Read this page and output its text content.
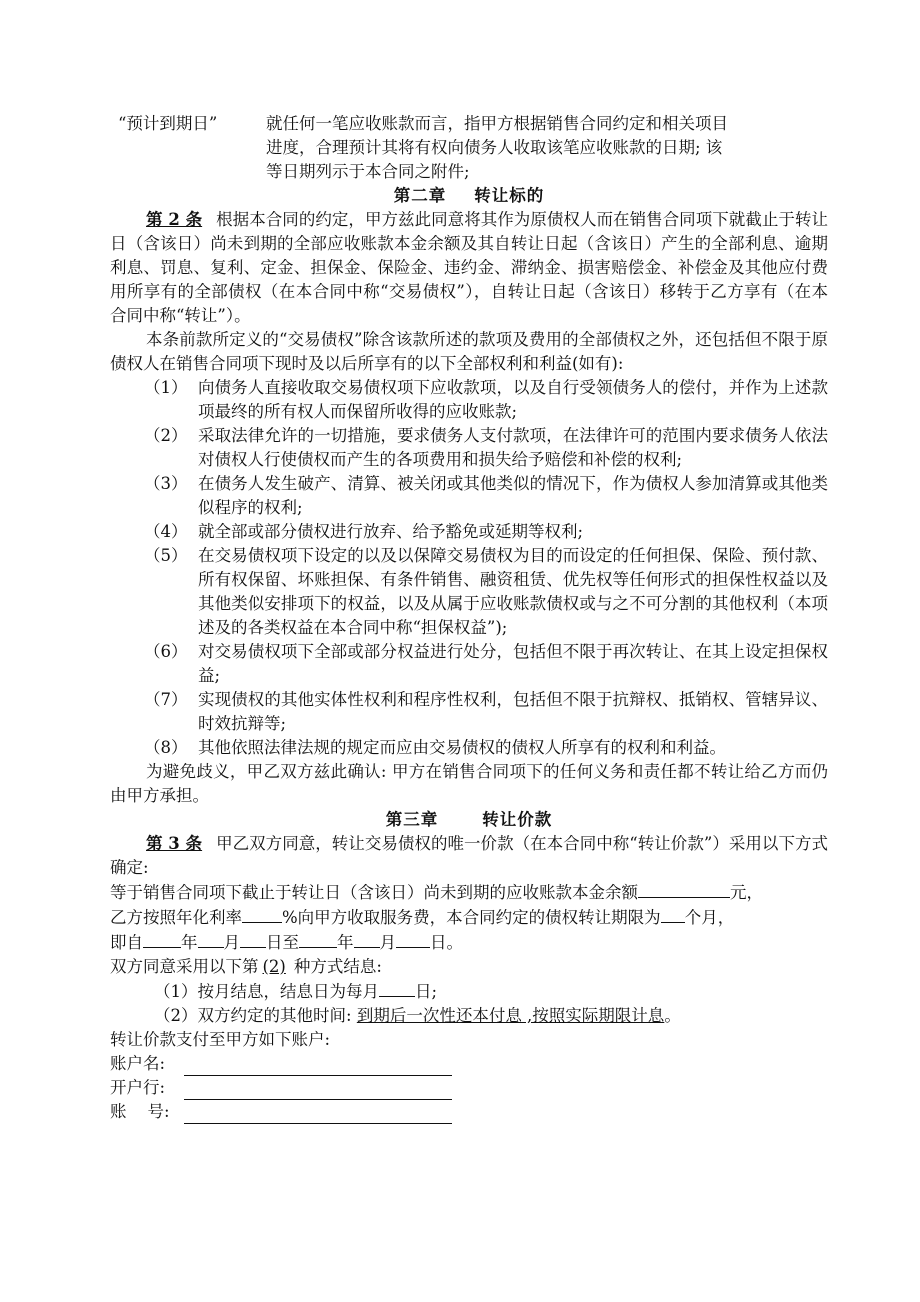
“预计到期日”	就任何一笔应收账款而言，指甲方根据销售合同约定和相关项目
进度，合理预计其将有权向债务人收取该笔应收账款的日期; 该
等日期列示于本合同之附件;
第二章 转让标的

第 2 条 根据本合同的约定，甲方兹此同意将其作为原债权人而在销售合同项下就截止于转让日（含该日）尚未到期的全部应收账款本金余额及其自转让日起（含该日）产生的全部利息、逾期利息、罚息、复利、定金、担保金、保险金、违约金、滞纳金、损害赔偿金、补偿金及其他应付费用所享有的全部债权（在本合同中称“交易债权”），自转让日起（含该日）移转于乙方享有（在本合同中称“转让”）。

本条前款所定义的“交易债权”除含该款所述的款项及费用的全部债权之外，还包括但不限于原债权人在销售合同项下现时及以后所享有的以下全部权利和利益(如有):

（1） 向债务人直接收取交易债权项下应收款项，以及自行受领债务人的偿付，并作为上述款项最终的所有权人而保留所收得的应收账款;
（2） 采取法律允许的一切措施，要求债务人支付款项，在法律许可的范围内要求债务人依法对债权人行使债权而产生的各项费用和损失给予赔偿和补偿的权利;
（3） 在债务人发生破产、清算、被关闭或其他类似的情况下，作为债权人参加清算或其他类似程序的权利;
（4） 就全部或部分债权进行放弃、给予豁免或延期等权利;
（5） 在交易债权项下设定的以及以保障交易债权为目的而设定的任何担保、保险、预付款、所有权保留、坏账担保、有条件销售、融资租赁、优先权等任何形式的担保性权益以及其他类似安排项下的权益，以及从属于应收账款债权或与之不可分割的其他权利（本项述及的各类权益在本合同中称“担保权益”);
（6） 对交易债权项下全部或部分权益进行处分，包括但不限于再次转让、在其上设定担保权益;
（7） 实现债权的其他实体性权利和程序性权利，包括但不限于抗辩权、抵销权、管辖异议、时效抗辩等;
（8） 其他依照法律法规的规定而应由交易债权的债权人所享有的权利和利益。

为避免歧义，甲乙双方兹此确认: 甲方在销售合同项下的任何义务和责任都不转让给乙方而仍由甲方承担。

第三章	转让价款

第 3 条 甲乙双方同意，转让交易债权的唯一价款（在本合同中称“转让价款”）采用以下方式确定:

等于销售合同项下截止于转让日（含该日）尚未到期的应收账款本金余额	元，
乙方按照年化利率 %向甲方收取服务费，本合同约定的债权转让期限为 个月，
即自 年 月 日至 年 月 日。
双方同意采用以下第 (2) 种方式结息:
（1）按月结息，结息日为每月 日;
（2）双方约定的其他时间: 到期后一次性还本付息 ,按照实际期限计息。
转让价款支付至甲方如下账户:
账户名:
开户行:
账    号:
